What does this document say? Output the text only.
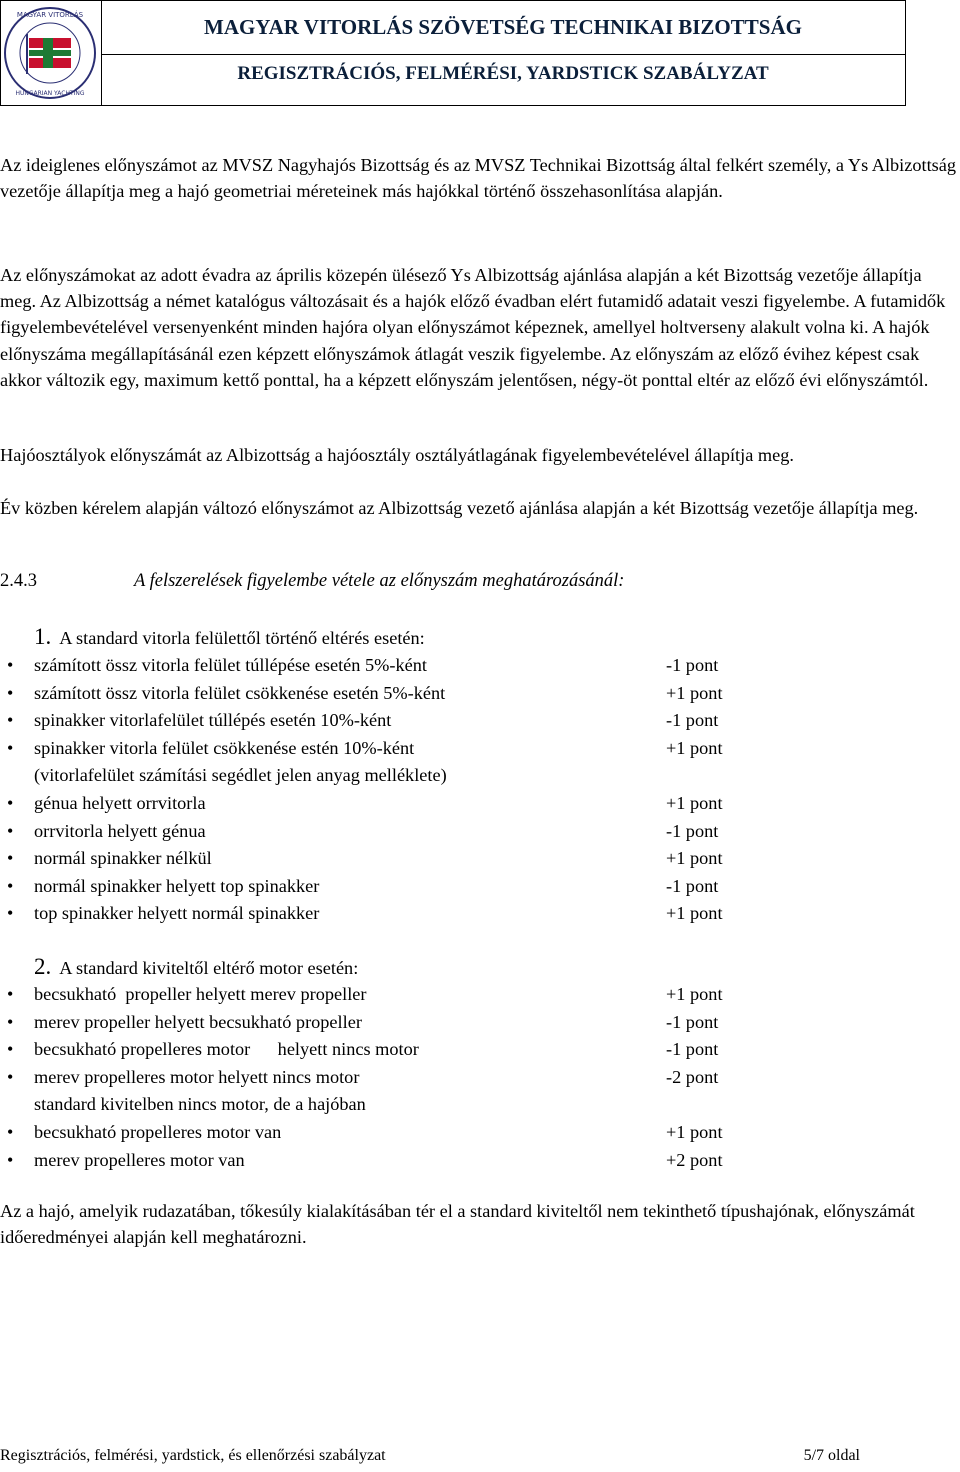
MAGYAR VITORLÁS
HUNGARIAN YACHTING
MAGYAR VITORLÁS SZÖVETSÉG TECHNIKAI BIZOTTSÁG
REGISZTRÁCIÓS, FELMÉRÉSI, YARDSTICK SZABÁLYZAT
Az ideiglenes előnyszámot az MVSZ Nagyhajós Bizottság és az MVSZ Technikai Bizottság által felkért személy, a Ys Albizottság vezetője állapítja meg a hajó geometriai méreteinek más hajókkal történő összehasonlítása alapján.
Az előnyszámokat az adott évadra az április közepén ülésező Ys Albizottság ajánlása alapján a két Bizottság vezetője állapítja meg. Az Albizottság a német katalógus változásait és a hajók előző évadban elért futamidő adatait veszi figyelembe. A futamidők figyelembevételével versenyenként minden hajóra olyan előnyszámot képeznek, amellyel holtverseny alakult volna ki. A hajók előnyszáma megállapításánál ezen képzett előnyszámok átlagát veszik figyelembe. Az előnyszám az előző évihez képest csak akkor változik egy, maximum kettő ponttal, ha a képzett előnyszám jelentősen, négy-öt ponttal eltér az előző évi előnyszámtól.
Hajóosztályok előnyszámát az Albizottság a hajóosztály osztályátlagának figyelembevételével állapítja meg.
Év közben kérelem alapján változó előnyszámot az Albizottság vezető ajánlása alapján a két Bizottság vezetője állapítja meg.
2.4.3	A felszerelések figyelembe vétele az előnyszám meghatározásánál:
1. A standard vitorla felülettől történő eltérés esetén:
• számított össz vitorla felület túllépése esetén 5%-ként	-1 pont
• számított össz vitorla felület csökkenése esetén 5%-ként	+1 pont
• spinakker vitorlafelület túllépés esetén 10%-ként	-1 pont
• spinakker vitorla felület csökkenése estén 10%-ként	+1 pont
(vitorlafelület számítási segédlet jelen anyag melléklete)
• génua helyett orrvitorla	+1 pont
• orrvitorla helyett génua	-1 pont
• normál spinakker nélkül	+1 pont
• normál spinakker helyett top spinakker	-1 pont
• top spinakker helyett normál spinakker	+1 pont
2. A standard kiviteltől eltérő motor esetén:
• becsukható  propeller helyett merev propeller	+1 pont
• merev propeller helyett becsukható propeller	-1 pont
• becsukható propelleres motor      helyett nincs motor	-1 pont
• merev propelleres motor helyett nincs motor	-2 pont
standard kivitelben nincs motor, de a hajóban
• becsukható propelleres motor van	+1 pont
• merev propelleres motor van	+2 pont
Az a hajó, amelyik rudazatában, tőkesúly kialakításában tér el a standard kiviteltől nem tekinthető típushajónak, előnyszámát időeredményei alapján kell meghatározni.
Regisztrációs, felmérési, yardstick, és ellenőrzési szabályzat	5/7 oldal
